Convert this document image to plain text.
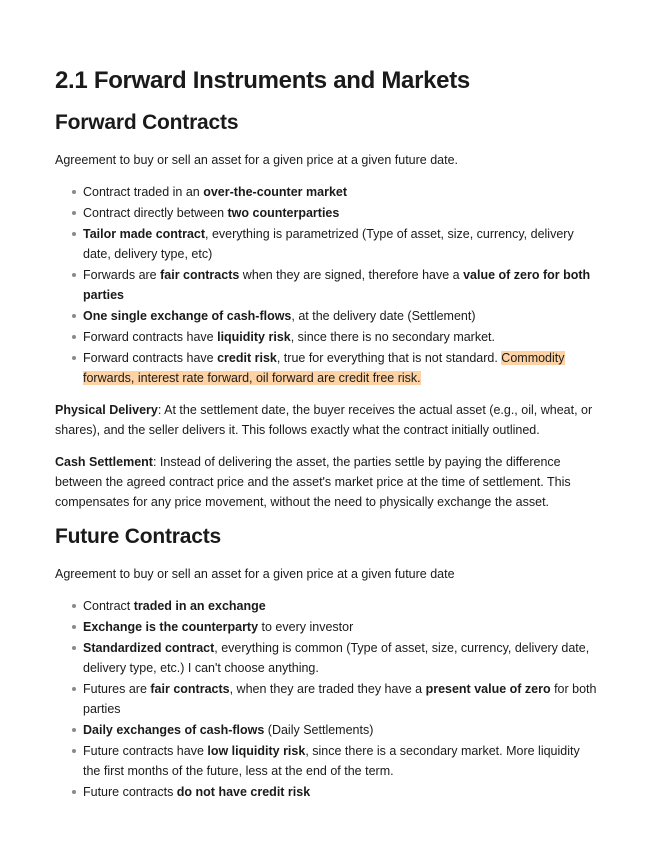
2.1 Forward Instruments and Markets
Forward Contracts

Agreement to buy or sell an asset for a given price at a given future date.

Contract traded in an over-the-counter market
Contract directly between two counterparties
Tailor made contract, everything is parametrized (Type of asset, size, currency, delivery date, delivery type, etc)
Forwards are fair contracts when they are signed, therefore have a value of zero for both parties
One single exchange of cash-flows, at the delivery date (Settlement)
Forward contracts have liquidity risk, since there is no secondary market.
Forward contracts have credit risk, true for everything that is not standard. Commodity forwards, interest rate forward, oil forward are credit free risk.

Physical Delivery: At the settlement date, the buyer receives the actual asset (e.g., oil, wheat, or shares), and the seller delivers it. This follows exactly what the contract initially outlined.

Cash Settlement: Instead of delivering the asset, the parties settle by paying the difference between the agreed contract price and the asset's market price at the time of settlement. This compensates for any price movement, without the need to physically exchange the asset.

Future Contracts

Agreement to buy or sell an asset for a given price at a given future date

Contract traded in an exchange
Exchange is the counterparty to every investor
Standardized contract, everything is common (Type of asset, size, currency, delivery date, delivery type, etc.) I can't choose anything.
Futures are fair contracts, when they are traded they have a present value of zero for both parties
Daily exchanges of cash-flows (Daily Settlements)
Future contracts have low liquidity risk, since there is a secondary market. More liquidity the first months of the future, less at the end of the term.
Future contracts do not have credit risk
